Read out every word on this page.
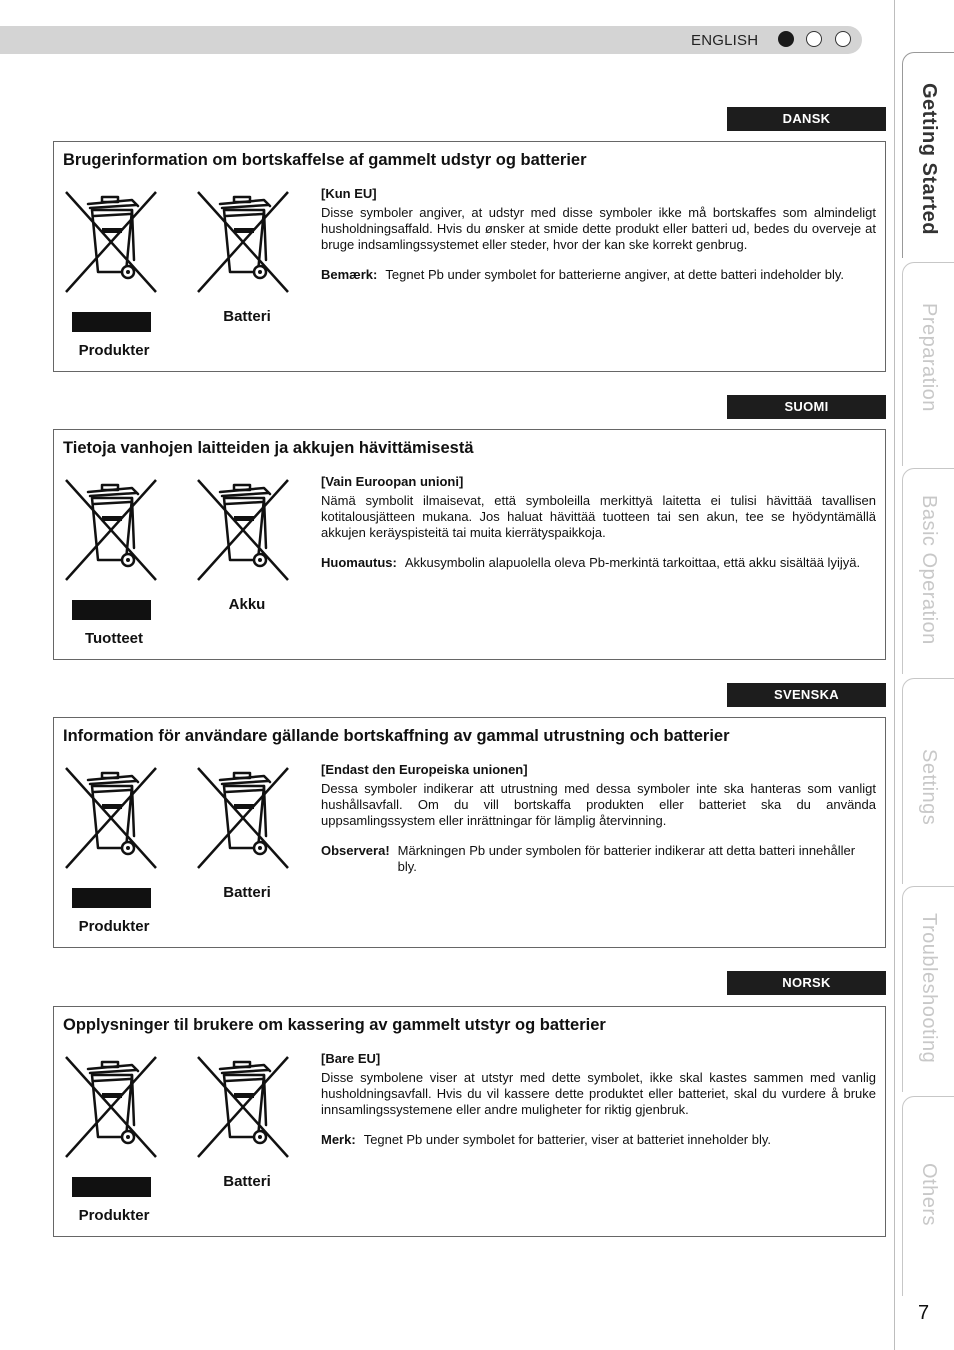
ENGLISH
Getting Started
Preparation
Basic Operation
Settings
Troubleshooting
Others
7
DANSK
Brugerinformation om bortskaffelse af gammelt udstyr og batterier
Produkter
Batteri
[Kun EU]
Disse symboler angiver, at udstyr med disse symboler ikke må bortskaffes som almindeligt husholdningsaffald. Hvis du ønsker at smide dette produkt eller batteri ud, bedes du overveje at bruge indsamlingssystemet eller steder, hvor der kan ske korrekt genbrug.
Bemærk: Tegnet Pb under symbolet for batterierne angiver, at dette batteri indeholder bly.
SUOMI
Tietoja vanhojen laitteiden ja akkujen hävittämisestä
Tuotteet
Akku
[Vain Euroopan unioni]
Nämä symbolit ilmaisevat, että symboleilla merkittyä laitetta ei tulisi hävittää tavallisen kotitalousjätteen mukana. Jos haluat hävittää tuotteen tai sen akun, tee se hyödyntämällä akkujen keräyspisteitä tai muita kierrätyspaikkoja.
Huomautus: Akkusymbolin alapuolella oleva Pb-merkintä tarkoittaa, että akku sisältää lyijyä.
SVENSKA
Information för användare gällande bortskaffning av gammal utrustning och batterier
Produkter
Batteri
[Endast den Europeiska unionen]
Dessa symboler indikerar att utrustning med dessa symboler inte ska hanteras som vanligt hushållsavfall. Om du vill bortskaffa produkten eller batteriet ska du använda uppsamlingssystem eller inrättningar för lämplig återvinning.
Observera! Märkningen Pb under symbolen för batterier indikerar att detta batteri innehåller bly.
NORSK
Opplysninger til brukere om kassering av gammelt utstyr og batterier
Produkter
Batteri
[Bare EU]
Disse symbolene viser at utstyr med dette symbolet, ikke skal kastes sammen med vanlig husholdningsavfall. Hvis du vil kassere dette produktet eller batteriet, skal du vurdere å bruke innsamlingssystemene eller andre muligheter for riktig gjenbruk.
Merk: Tegnet Pb under symbolet for batterier, viser at batteriet inneholder bly.
